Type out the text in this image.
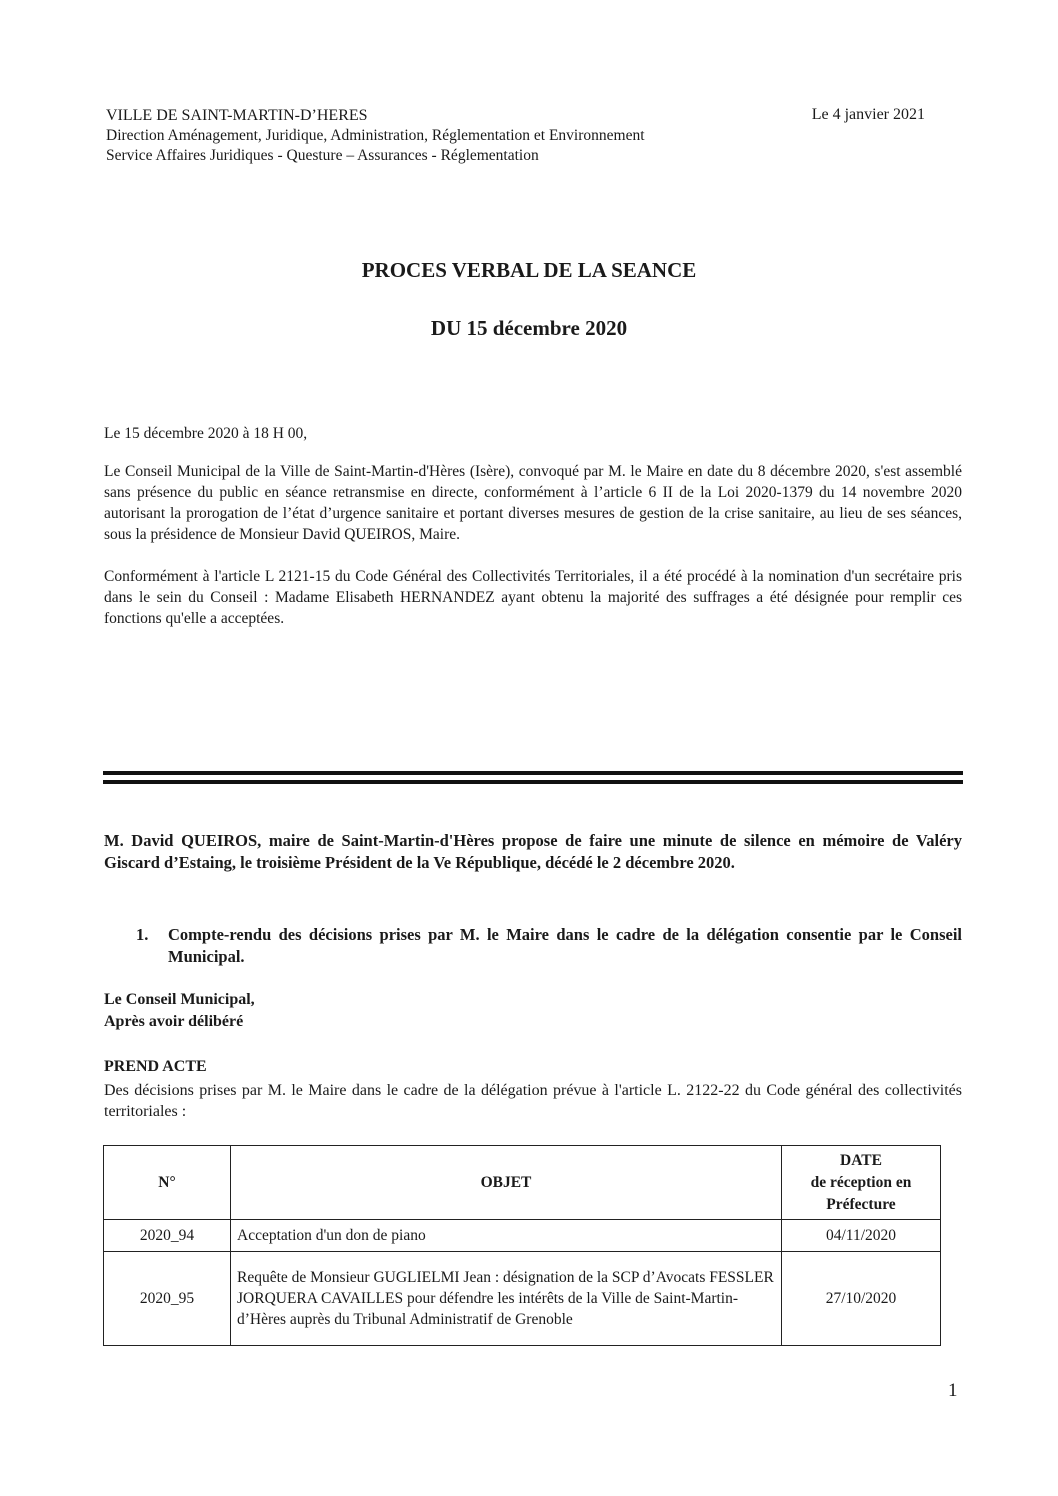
VILLE DE SAINT-MARTIN-D’HERES
Direction Aménagement, Juridique, Administration, Réglementation et Environnement
Service Affaires Juridiques - Questure – Assurances - Réglementation
Le 4 janvier 2021
PROCES VERBAL DE LA SEANCE
DU 15 décembre 2020
Le 15 décembre 2020 à 18 H 00,
Le Conseil Municipal de la Ville de Saint-Martin-d'Hères (Isère), convoqué par M. le Maire en date du 8 décembre 2020, s'est assemblé sans présence du public en séance retransmise en directe, conformément à l’article 6 II de la Loi 2020-1379 du 14 novembre 2020 autorisant la prorogation de l’état d’urgence sanitaire et portant diverses mesures de gestion de la crise sanitaire, au lieu de ses séances, sous la présidence de Monsieur David QUEIROS, Maire.
Conformément à l'article L 2121-15 du Code Général des Collectivités Territoriales, il a été procédé à la nomination d'un secrétaire pris dans le sein du Conseil : Madame Elisabeth HERNANDEZ ayant obtenu la majorité des suffrages a été désignée pour remplir ces fonctions qu'elle a acceptées.
M. David QUEIROS, maire de Saint-Martin-d'Hères propose de faire une minute de silence en mémoire de Valéry Giscard d’Estaing, le troisième Président de la Ve République, décédé le 2 décembre 2020.
1.	Compte-rendu des décisions prises par M. le Maire dans le cadre de la délégation consentie par le Conseil Municipal.
Le Conseil Municipal,
Après avoir délibéré
PREND ACTE
Des décisions prises par M. le Maire dans le cadre de la délégation prévue à l'article L. 2122-22 du Code général des collectivités territoriales :
N°	OBJET	DATE
de réception en
Préfecture

2020_94	Acceptation d'un don de piano	04/11/2020
2020_95	Requête de Monsieur GUGLIELMI Jean : désignation de la SCP d’Avocats FESSLER JORQUERA CAVAILLES pour défendre les intérêts de la Ville de Saint-Martin-d’Hères auprès du Tribunal Administratif de Grenoble	27/10/2020
1
